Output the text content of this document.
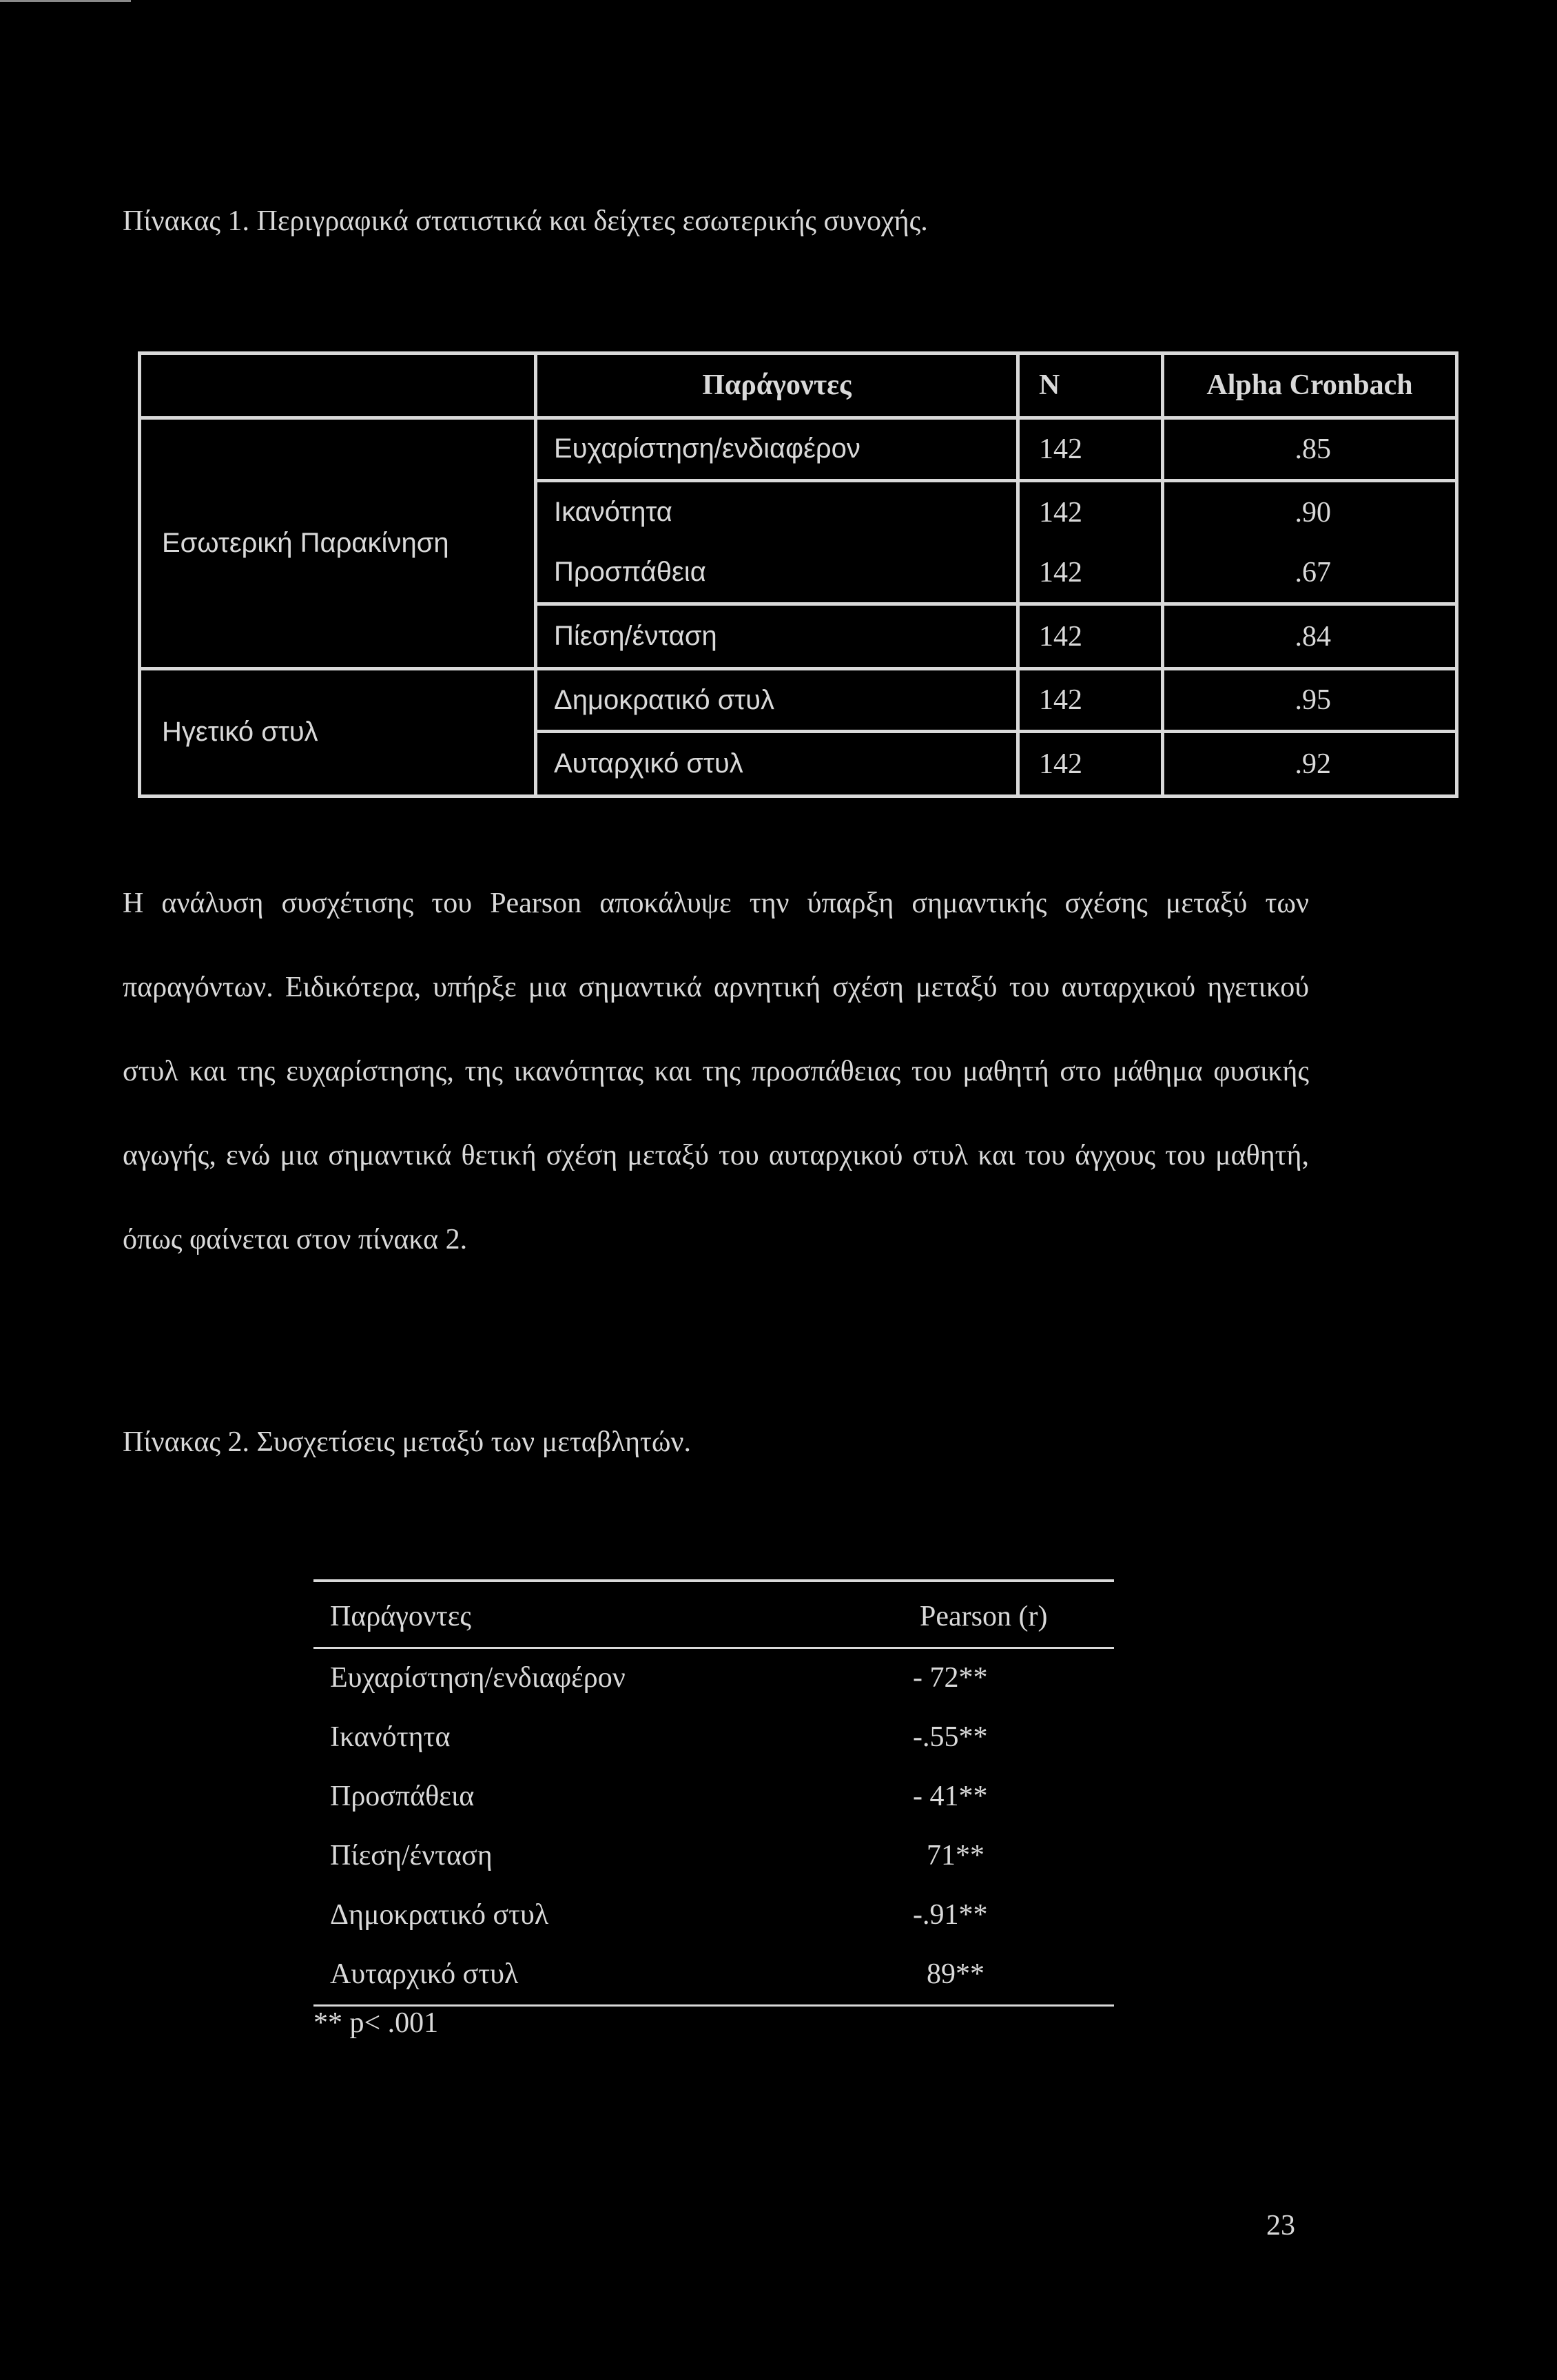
Πίνακας 1. Περιγραφικά στατιστικά και δείχτες εσωτερικής συνοχής.
	Παράγοντες	N	Alpha Cronbach
Εσωτερική Παρακίνηση	Ευχαρίστηση/ενδιαφέρον	142	.85
	Ικανότητα	142	.90
	Προσπάθεια	142	.67
	Πίεση/ένταση	142	.84
Ηγετικό στυλ	Δημοκρατικό στυλ	142	.95
	Αυταρχικό στυλ	142	.92
Η ανάλυση συσχέτισης του Pearson αποκάλυψε την ύπαρξη σημαντικής σχέσης μεταξύ των παραγόντων. Ειδικότερα, υπήρξε μια σημαντικά αρνητική σχέση μεταξύ του αυταρχικού ηγετικού στυλ και της ευχαρίστησης, της ικανότητας και της προσπάθειας του μαθητή στο μάθημα φυσικής αγωγής, ενώ μια σημαντικά θετική σχέση μεταξύ του αυταρχικού στυλ και του άγχους του μαθητή, όπως φαίνεται στον πίνακα 2.
Πίνακας 2. Συσχετίσεις μεταξύ των μεταβλητών.
Παράγοντες	Pearson (r)
Ευχαρίστηση/ενδιαφέρον	- 72**
Ικανότητα	-.55**
Προσπάθεια	- 41**
Πίεση/ένταση	71**
Δημοκρατικό στυλ	-.91**
Αυταρχικό στυλ	89**
** p< .001
23
